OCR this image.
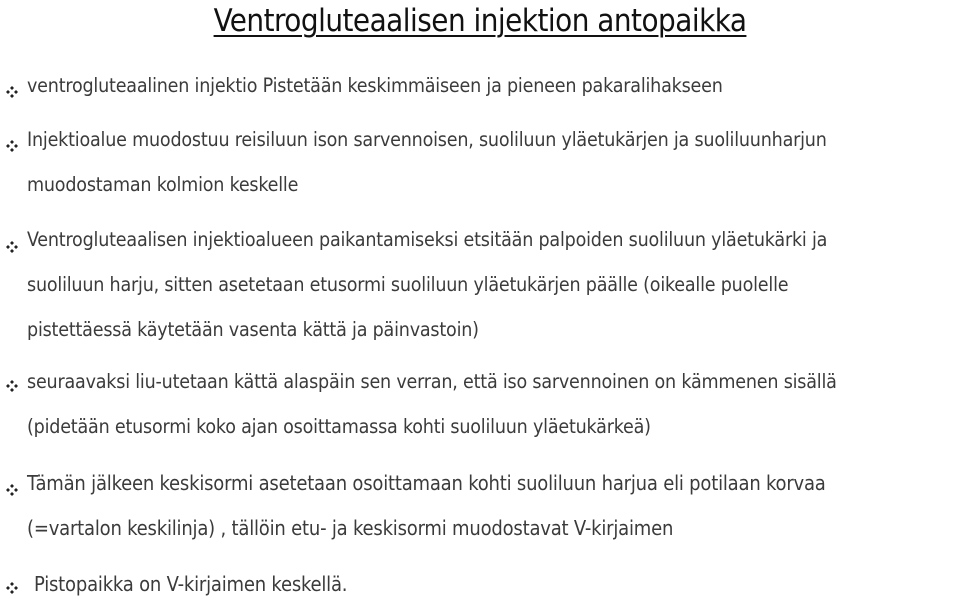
Ventrogluteaalisen injektion antopaikka
ventrogluteaalinen injektio Pistetään keskimmäiseen ja pieneen pakaralihakseen
Injektioalue muodostuu reisiluun ison sarvennoisen, suoliluun yläetukärjen ja suoliluunharjun
muodostaman kolmion keskelle
Ventrogluteaalisen injektioalueen paikantamiseksi etsitään palpoiden suoliluun yläetukärki ja
suoliluun harju, sitten asetetaan etusormi suoliluun yläetukärjen päälle (oikealle puolelle
pistettäessä käytetään vasenta kättä ja päinvastoin)
seuraavaksi liu-utetaan kättä alaspäin sen verran, että iso sarvennoinen on kämmenen sisällä
(pidetään etusormi koko ajan osoittamassa kohti suoliluun yläetukärkeä)
Tämän jälkeen keskisormi asetetaan osoittamaan kohti suoliluun harjua eli potilaan korvaa
(=vartalon keskilinja) , tällöin etu- ja keskisormi muodostavat V-kirjaimen
Pistopaikka on V-kirjaimen keskellä.
